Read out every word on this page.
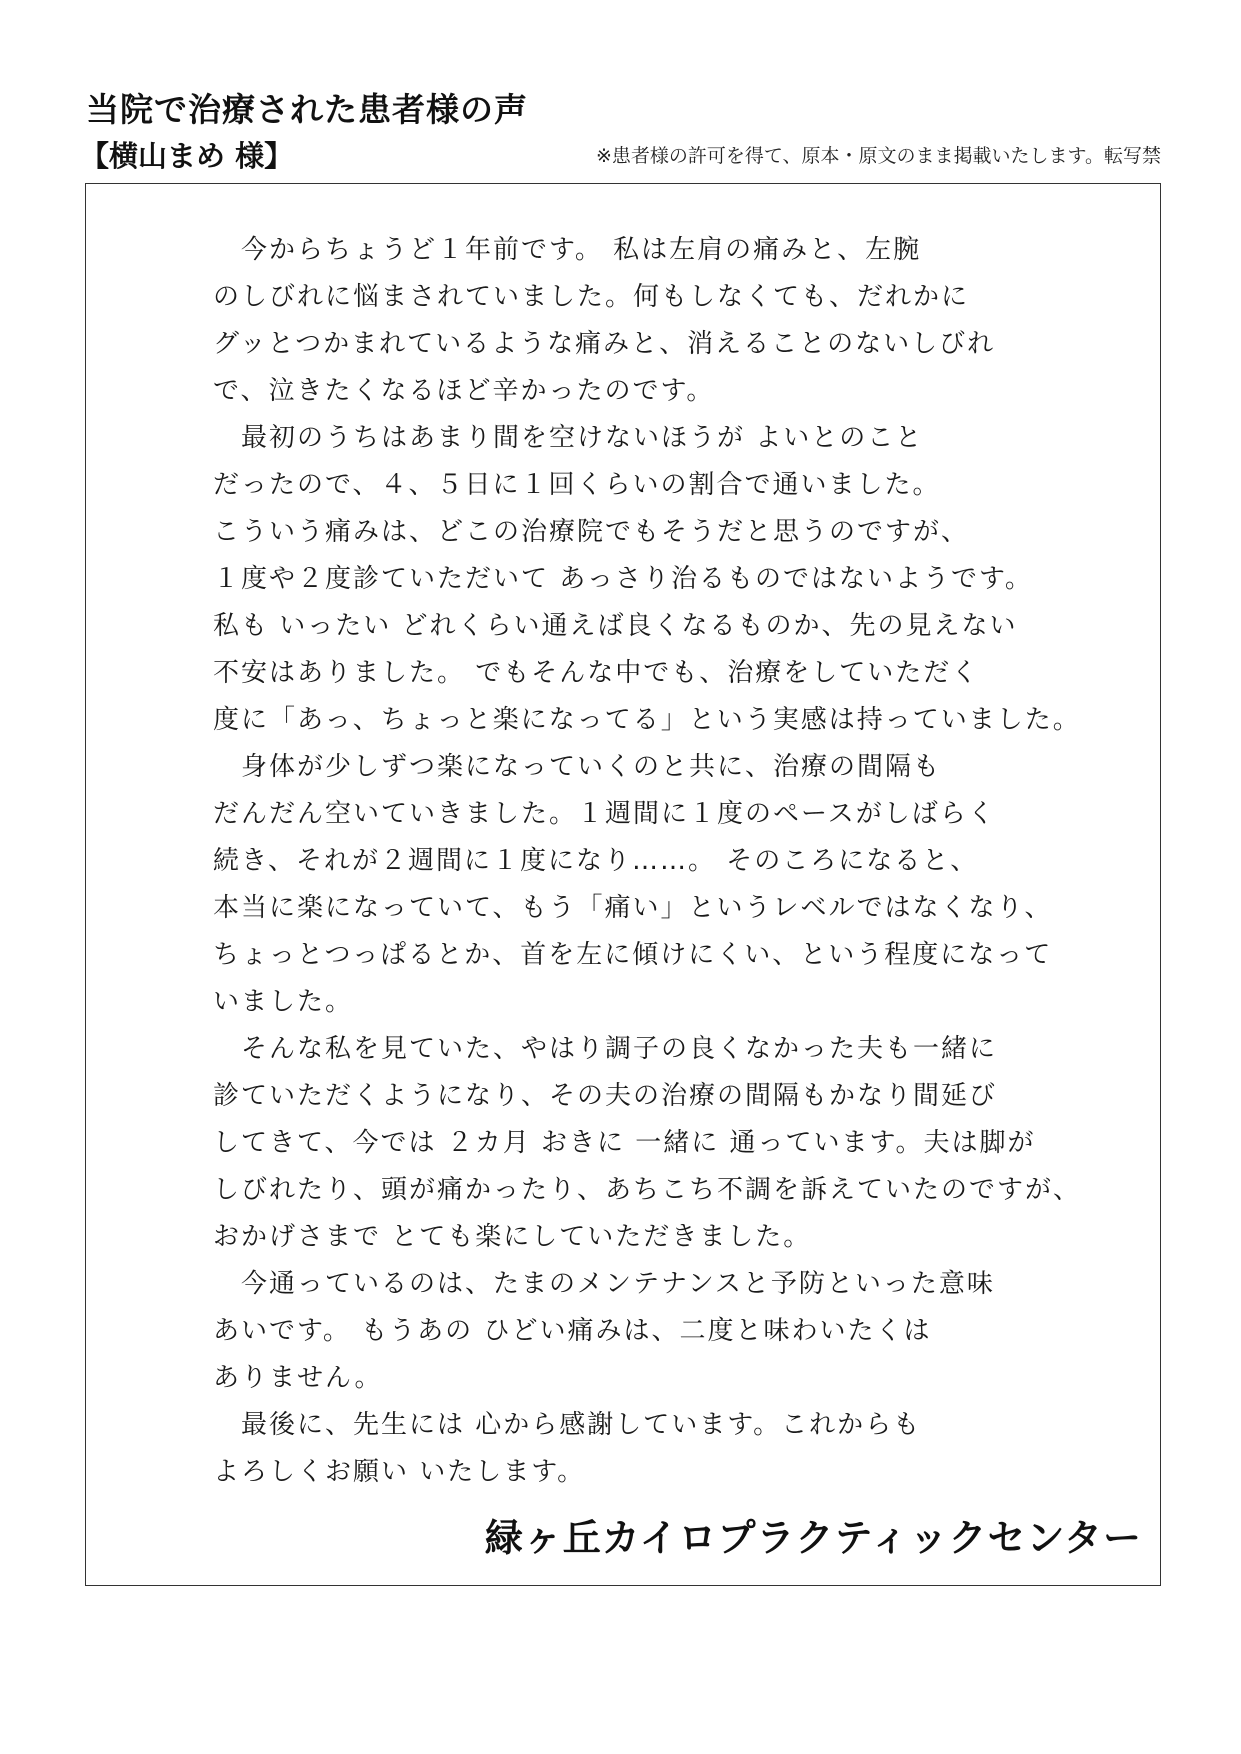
当院で治療された患者様の声
【横山まめ 様】	※患者様の許可を得て、原本・原文のまま掲載いたします。転写禁
　今からちょうど１年前です。 私は左肩の痛みと、左腕
のしびれに悩まされていました。何もしなくても、だれかに
グッとつかまれているような痛みと、消えることのないしびれ
で、泣きたくなるほど辛かったのです。
　最初のうちはあまり間を空けないほうが よいとのこと
だったので、４、５日に１回くらいの割合で通いました。
こういう痛みは、どこの治療院でもそうだと思うのですが、
１度や２度診ていただいて あっさり治るものではないようです。
私も いったい どれくらい通えば良くなるものか、先の見えない
不安はありました。 でもそんな中でも、治療をしていただく
度に「あっ、ちょっと楽になってる」という実感は持っていました。
　身体が少しずつ楽になっていくのと共に、治療の間隔も
だんだん空いていきました。１週間に１度のペースがしばらく
続き、それが２週間に１度になり……。 そのころになると、
本当に楽になっていて、もう「痛い」というレベルではなくなり、
ちょっとつっぱるとか、首を左に傾けにくい、という程度になって
いました。
　そんな私を見ていた、やはり調子の良くなかった夫も一緒に
診ていただくようになり、その夫の治療の間隔もかなり間延び
してきて、今では ２カ月 おきに 一緒に 通っています。夫は脚が
しびれたり、頭が痛かったり、あちこち不調を訴えていたのですが、
おかげさまで とても楽にしていただきました。
　今通っているのは、たまのメンテナンスと予防といった意味
あいです。 もうあの ひどい痛みは、二度と味わいたくは
ありません。
　最後に、先生には 心から感謝しています。これからも
よろしくお願い いたします。
緑ヶ丘カイロプラクティックセンター
